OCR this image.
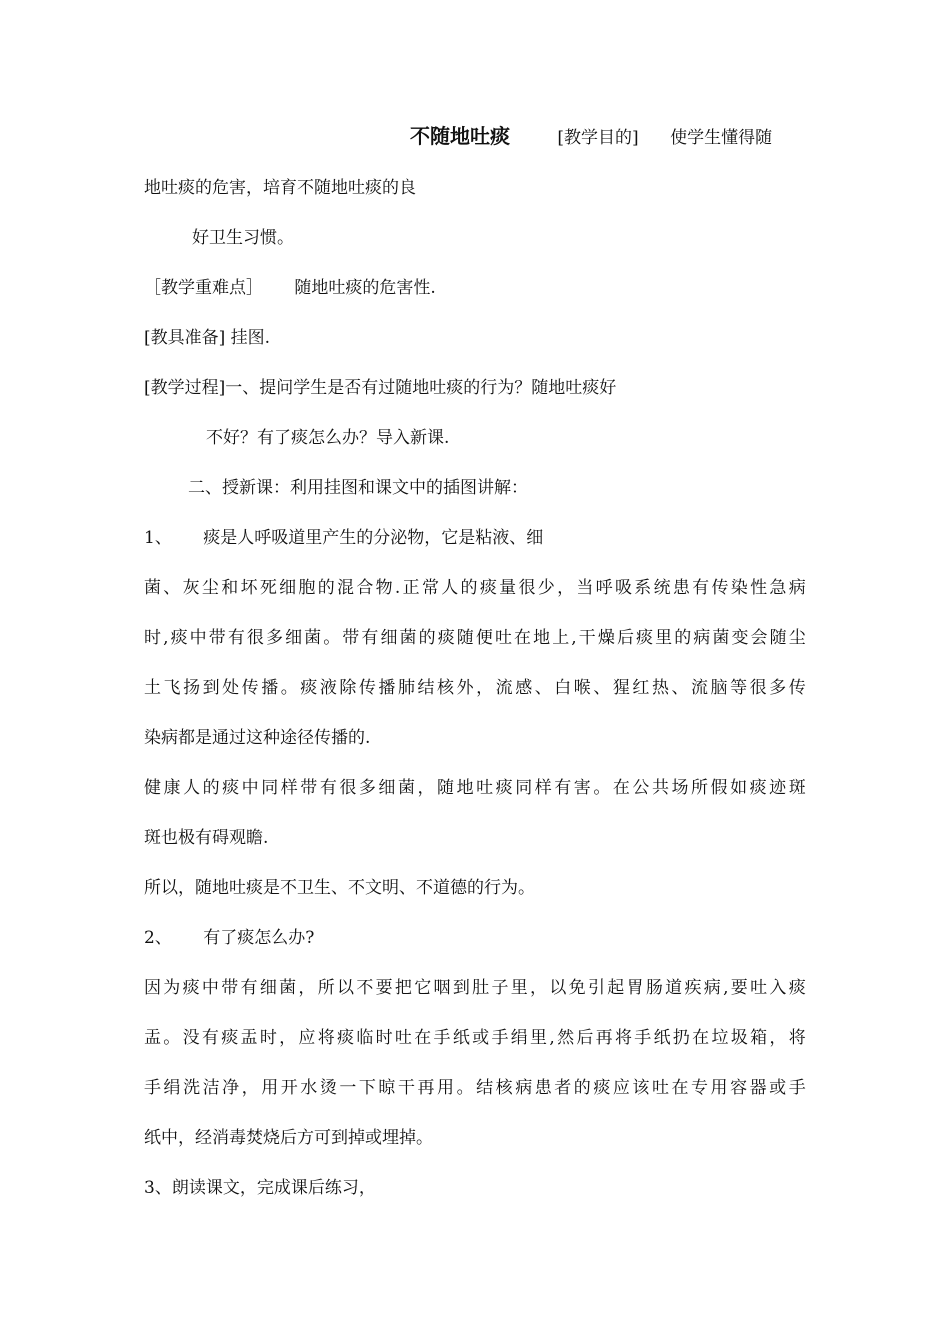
不随地吐痰	[教学目的] 使学生懂得随
地吐痰的危害，培育不随地吐痰的良
好卫生习惯。
［教学重难点］ 随地吐痰的危害性.
[教具准备] 挂图.
[教学过程]一、提问学生是否有过随地吐痰的行为？随地吐痰好
不好？有了痰怎么办？导入新课.
二、授新课：利用挂图和课文中的插图讲解：
1、 痰是人呼吸道里产生的分泌物，它是粘液、细
菌、灰尘和坏死细胞的混合物.正常人的痰量很少，当呼吸系统患有传染性急病
时,痰中带有很多细菌。带有细菌的痰随便吐在地上,干燥后痰里的病菌变会随尘
土飞扬到处传播。痰液除传播肺结核外，流感、白喉、猩红热、流脑等很多传
染病都是通过这种途径传播的.
健康人的痰中同样带有很多细菌，随地吐痰同样有害。在公共场所假如痰迹斑
斑也极有碍观瞻.
所以，随地吐痰是不卫生、不文明、不道德的行为。
2、 有了痰怎么办?
因为痰中带有细菌，所以不要把它咽到肚子里，以免引起胃肠道疾病,要吐入痰
盂。没有痰盂时，应将痰临时吐在手纸或手绢里,然后再将手纸扔在垃圾箱，将
手绢洗洁净，用开水烫一下晾干再用。结核病患者的痰应该吐在专用容器或手
纸中，经消毒焚烧后方可到掉或埋掉。
3、朗读课文，完成课后练习，
